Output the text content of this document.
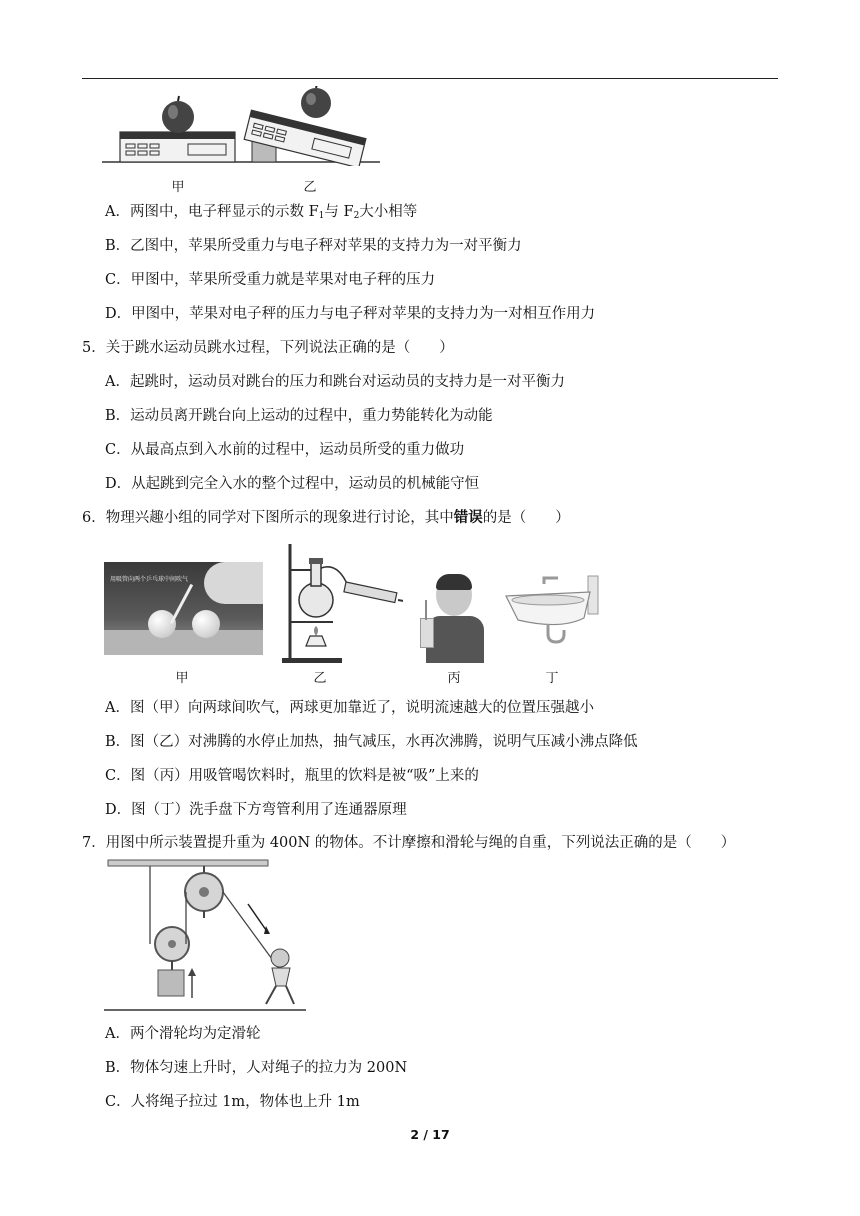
甲	乙
A．两图中，电子秤显示的示数 $F_1$与 $F_2$大小相等
B．乙图中，苹果所受重力与电子秤对苹果的支持力为一对平衡力
C．甲图中，苹果所受重力就是苹果对电子秤的压力
D．甲图中，苹果对电子秤的压力与电子秤对苹果的支持力为一对相互作用力
5．关于跳水运动员跳水过程，下列说法正确的是（　　）
A．起跳时，运动员对跳台的压力和跳台对运动员的支持力是一对平衡力
B．运动员离开跳台向上运动的过程中，重力势能转化为动能
C．从最高点到入水前的过程中，运动员所受的重力做功
D．从起跳到完全入水的整个过程中，运动员的机械能守恒
6．物理兴趣小组的同学对下图所示的现象进行讨论，其中错误的是（　　）
用吸管向两个乒乓球中间吹气
甲	乙	丙	丁
A．图（甲）向两球间吹气，两球更加靠近了，说明流速越大的位置压强越小
B．图（乙）对沸腾的水停止加热，抽气减压，水再次沸腾，说明气压减小沸点降低
C．图（丙）用吸管喝饮料时，瓶里的饮料是被“吸”上来的
D．图（丁）洗手盘下方弯管利用了连通器原理
7．用图中所示装置提升重为 400N 的物体。不计摩擦和滑轮与绳的自重，下列说法正确的是（　　）
A．两个滑轮均为定滑轮
B．物体匀速上升时，人对绳子的拉力为 200N
C．人将绳子拉过 1m，物体也上升 1m
2 / 17
